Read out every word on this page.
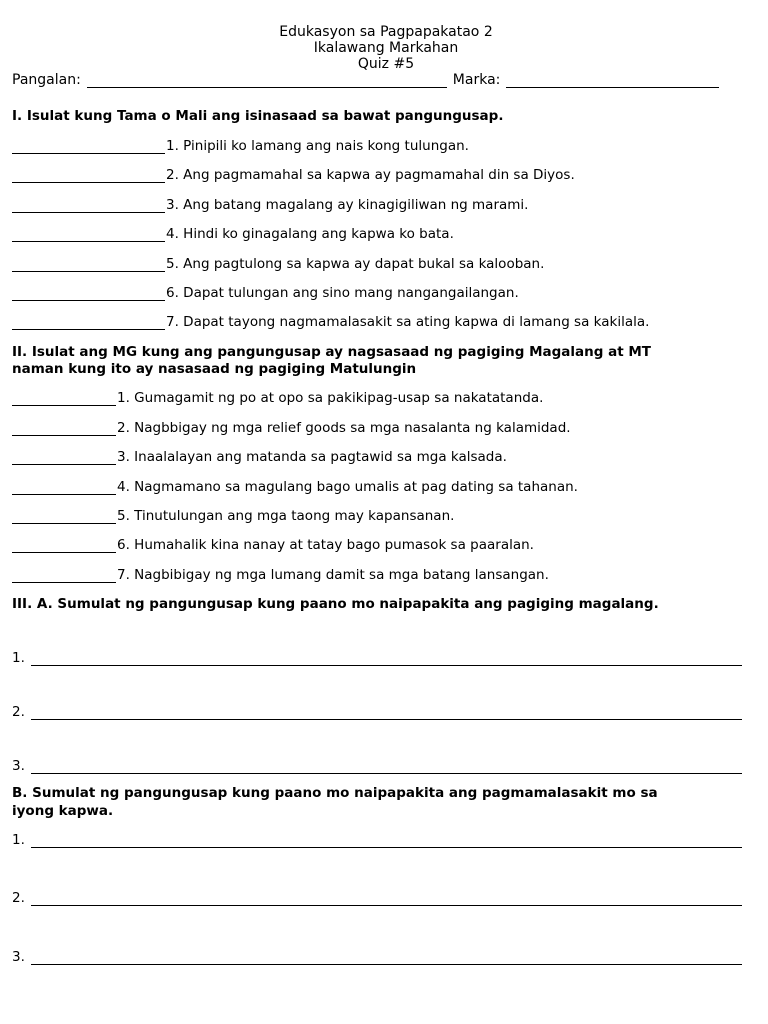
Edukasyon sa Pagpapakatao 2
Ikalawang Markahan
Quiz #5
Pangalan:	Marka:
I. Isulat kung Tama o Mali ang isinasaad sa bawat pangungusap.
1. Pinipili ko lamang ang nais kong tulungan.
2. Ang pagmamahal sa kapwa ay pagmamahal din sa Diyos.
3. Ang batang magalang ay kinagigiliwan ng marami.
4. Hindi ko ginagalang ang kapwa ko bata.
5. Ang pagtulong sa kapwa ay dapat bukal sa kalooban.
6. Dapat tulungan ang sino mang nangangailangan.
7. Dapat tayong nagmamalasakit sa ating kapwa di lamang sa kakilala.
II. Isulat ang MG kung ang pangungusap ay nagsasaad ng pagiging Magalang at MT
naman kung ito ay nasasaad ng pagiging Matulungin
1. Gumagamit ng po at opo sa pakikipag-usap sa nakatatanda.
2. Nagbbigay ng mga relief goods sa mga nasalanta ng kalamidad.
3. Inaalalayan ang matanda sa pagtawid sa mga kalsada.
4. Nagmamano sa magulang bago umalis at pag dating sa tahanan.
5. Tinutulungan ang mga taong may kapansanan.
6. Humahalik kina nanay at tatay bago pumasok sa paaralan.
7. Nagbibigay ng mga lumang damit sa mga batang lansangan.
III. A. Sumulat ng pangungusap kung paano mo naipapakita ang pagiging magalang.
1.
2.
3.
B. Sumulat ng pangungusap kung paano mo naipapakita ang pagmamalasakit mo sa
iyong kapwa.
1.
2.
3.
